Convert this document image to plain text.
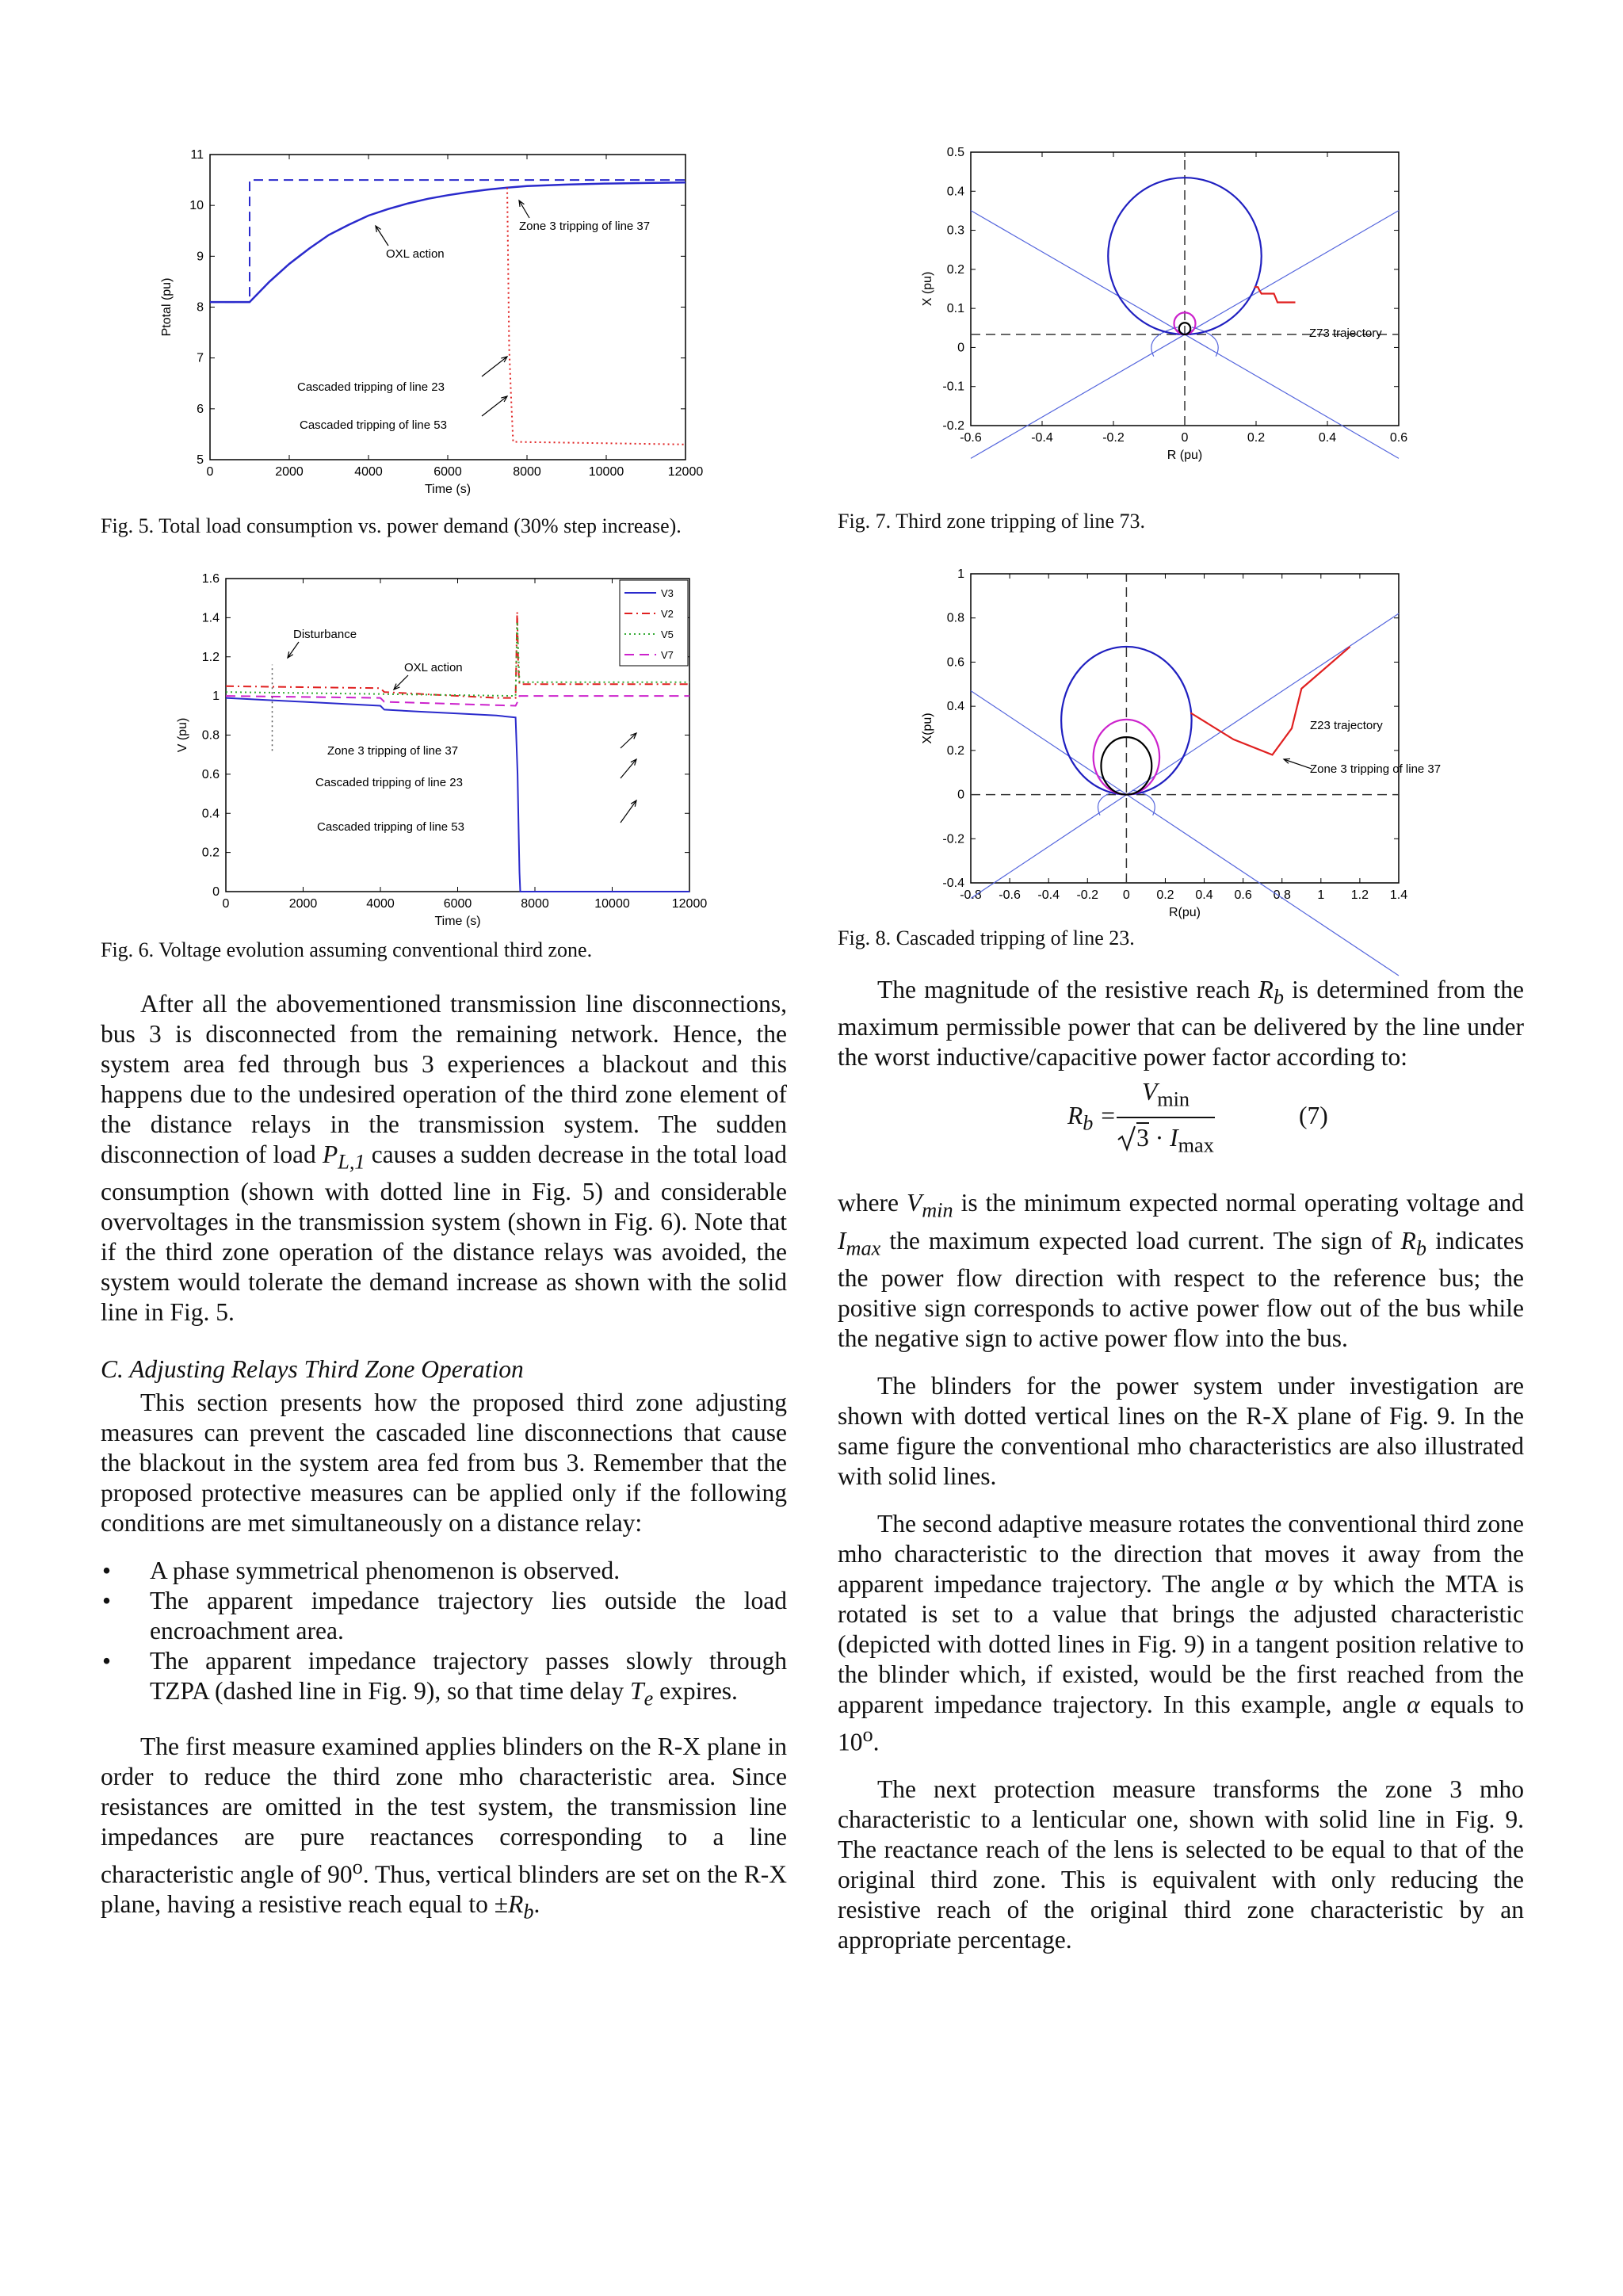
0	2000	4000	6000	8000	10000	12000
5
6
7
8
9
10
11
Time (s)
Ptotal (pu)
OXL action
Zone 3 tripping of line 37
Cascaded tripping of line 23
Cascaded tripping of line 53
Fig. 5. Total load consumption vs. power demand (30% step increase).
0	2000	4000	6000	8000	10000	12000
0
0.2
0.4
0.6
0.8
1
1.2
1.4
1.6
Time (s)
V (pu)
V3
V2
V5
V7
Disturbance
OXL action
Zone 3 tripping of line 37
Cascaded tripping of line 23
Cascaded tripping of line 53
Fig. 6. Voltage evolution assuming conventional third zone.
-0.6	-0.4	-0.2	0	0.2	0.4	0.6
-0.2
-0.1
0
0.1
0.2
0.3
0.4
0.5
R (pu)
X (pu)
Z73 trajectory
Fig. 7. Third zone tripping of line 73.
-0.8 -0.6 -0.4 -0.2 0 0.2 0.4 0.6 0.8 1 1.2 1.4
-0.4
-0.2
0
0.2
0.4
0.6
0.8
1
R(pu)
X(pu)	Z23 trajectory
Zone 3 tripping of line 37
Fig. 8. Cascaded tripping of line 23.

After all the abovementioned transmission line disconnections, bus 3 is disconnected from the remaining network. Hence, the system area fed through bus 3 experiences a blackout and this happens due to the undesired operation of the third zone element of the distance relays in the transmission system. The sudden disconnection of load $P_{L,1}$ causes a sudden decrease in the total load consumption (shown with dotted line in Fig. 5) and considerable overvoltages in the transmission system (shown in Fig. 6). Note that if the third zone operation of the distance relays was avoided, the system would tolerate the demand increase as shown with the solid line in Fig. 5.

C. Adjusting Relays Third Zone Operation

This section presents how the proposed third zone adjusting measures can prevent the cascaded line disconnections that cause the blackout in the system area fed from bus 3. Remember that the proposed protective measures can be applied only if the following conditions are met simultaneously on a distance relay:

• A phase symmetrical phenomenon is observed.
• The apparent impedance trajectory lies outside the load encroachment area.
• The apparent impedance trajectory passes slowly through TZPA (dashed line in Fig. 9), so that time delay $T_e$ expires.

The first measure examined applies blinders on the R-X plane in order to reduce the third zone mho characteristic area. Since resistances are omitted in the test system, the transmission line impedances are pure reactances corresponding to a line characteristic angle of 90$^o$. Thus, vertical blinders are set on the R-X plane, having a resistive reach equal to $\pm R_b$.

The magnitude of the resistive reach $R_b$ is determined from the maximum permissible power that can be delivered by the line under the worst inductive/capacitive power factor according to:

$R_b$ =
$V_{min}$
$3 \cdot I_{max}$
(7)

where $V_{min}$ is the minimum expected normal operating voltage and $I_{max}$ the maximum expected load current. The sign of $R_b$ indicates the power flow direction with respect to the reference bus; the positive sign corresponds to active power flow out of the bus while the negative sign to active power flow into the bus.

The blinders for the power system under investigation are shown with dotted vertical lines on the R-X plane of Fig. 9. In the same figure the conventional mho characteristics are also illustrated with solid lines.

The second adaptive measure rotates the conventional third zone mho characteristic to the direction that moves it away from the apparent impedance trajectory. The angle α by which the MTA is rotated is set to a value that brings the adjusted characteristic (depicted with dotted lines in Fig. 9) in a tangent position relative to the blinder which, if existed, would be the first reached from the apparent impedance trajectory. In this example, angle α equals to 10$^o$.

The next protection measure transforms the zone 3 mho characteristic to a lenticular one, shown with solid line in Fig. 9. The reactance reach of the lens is selected to be equal to that of the original third zone. This is equivalent with only reducing the resistive reach of the original third zone characteristic by an appropriate percentage.
